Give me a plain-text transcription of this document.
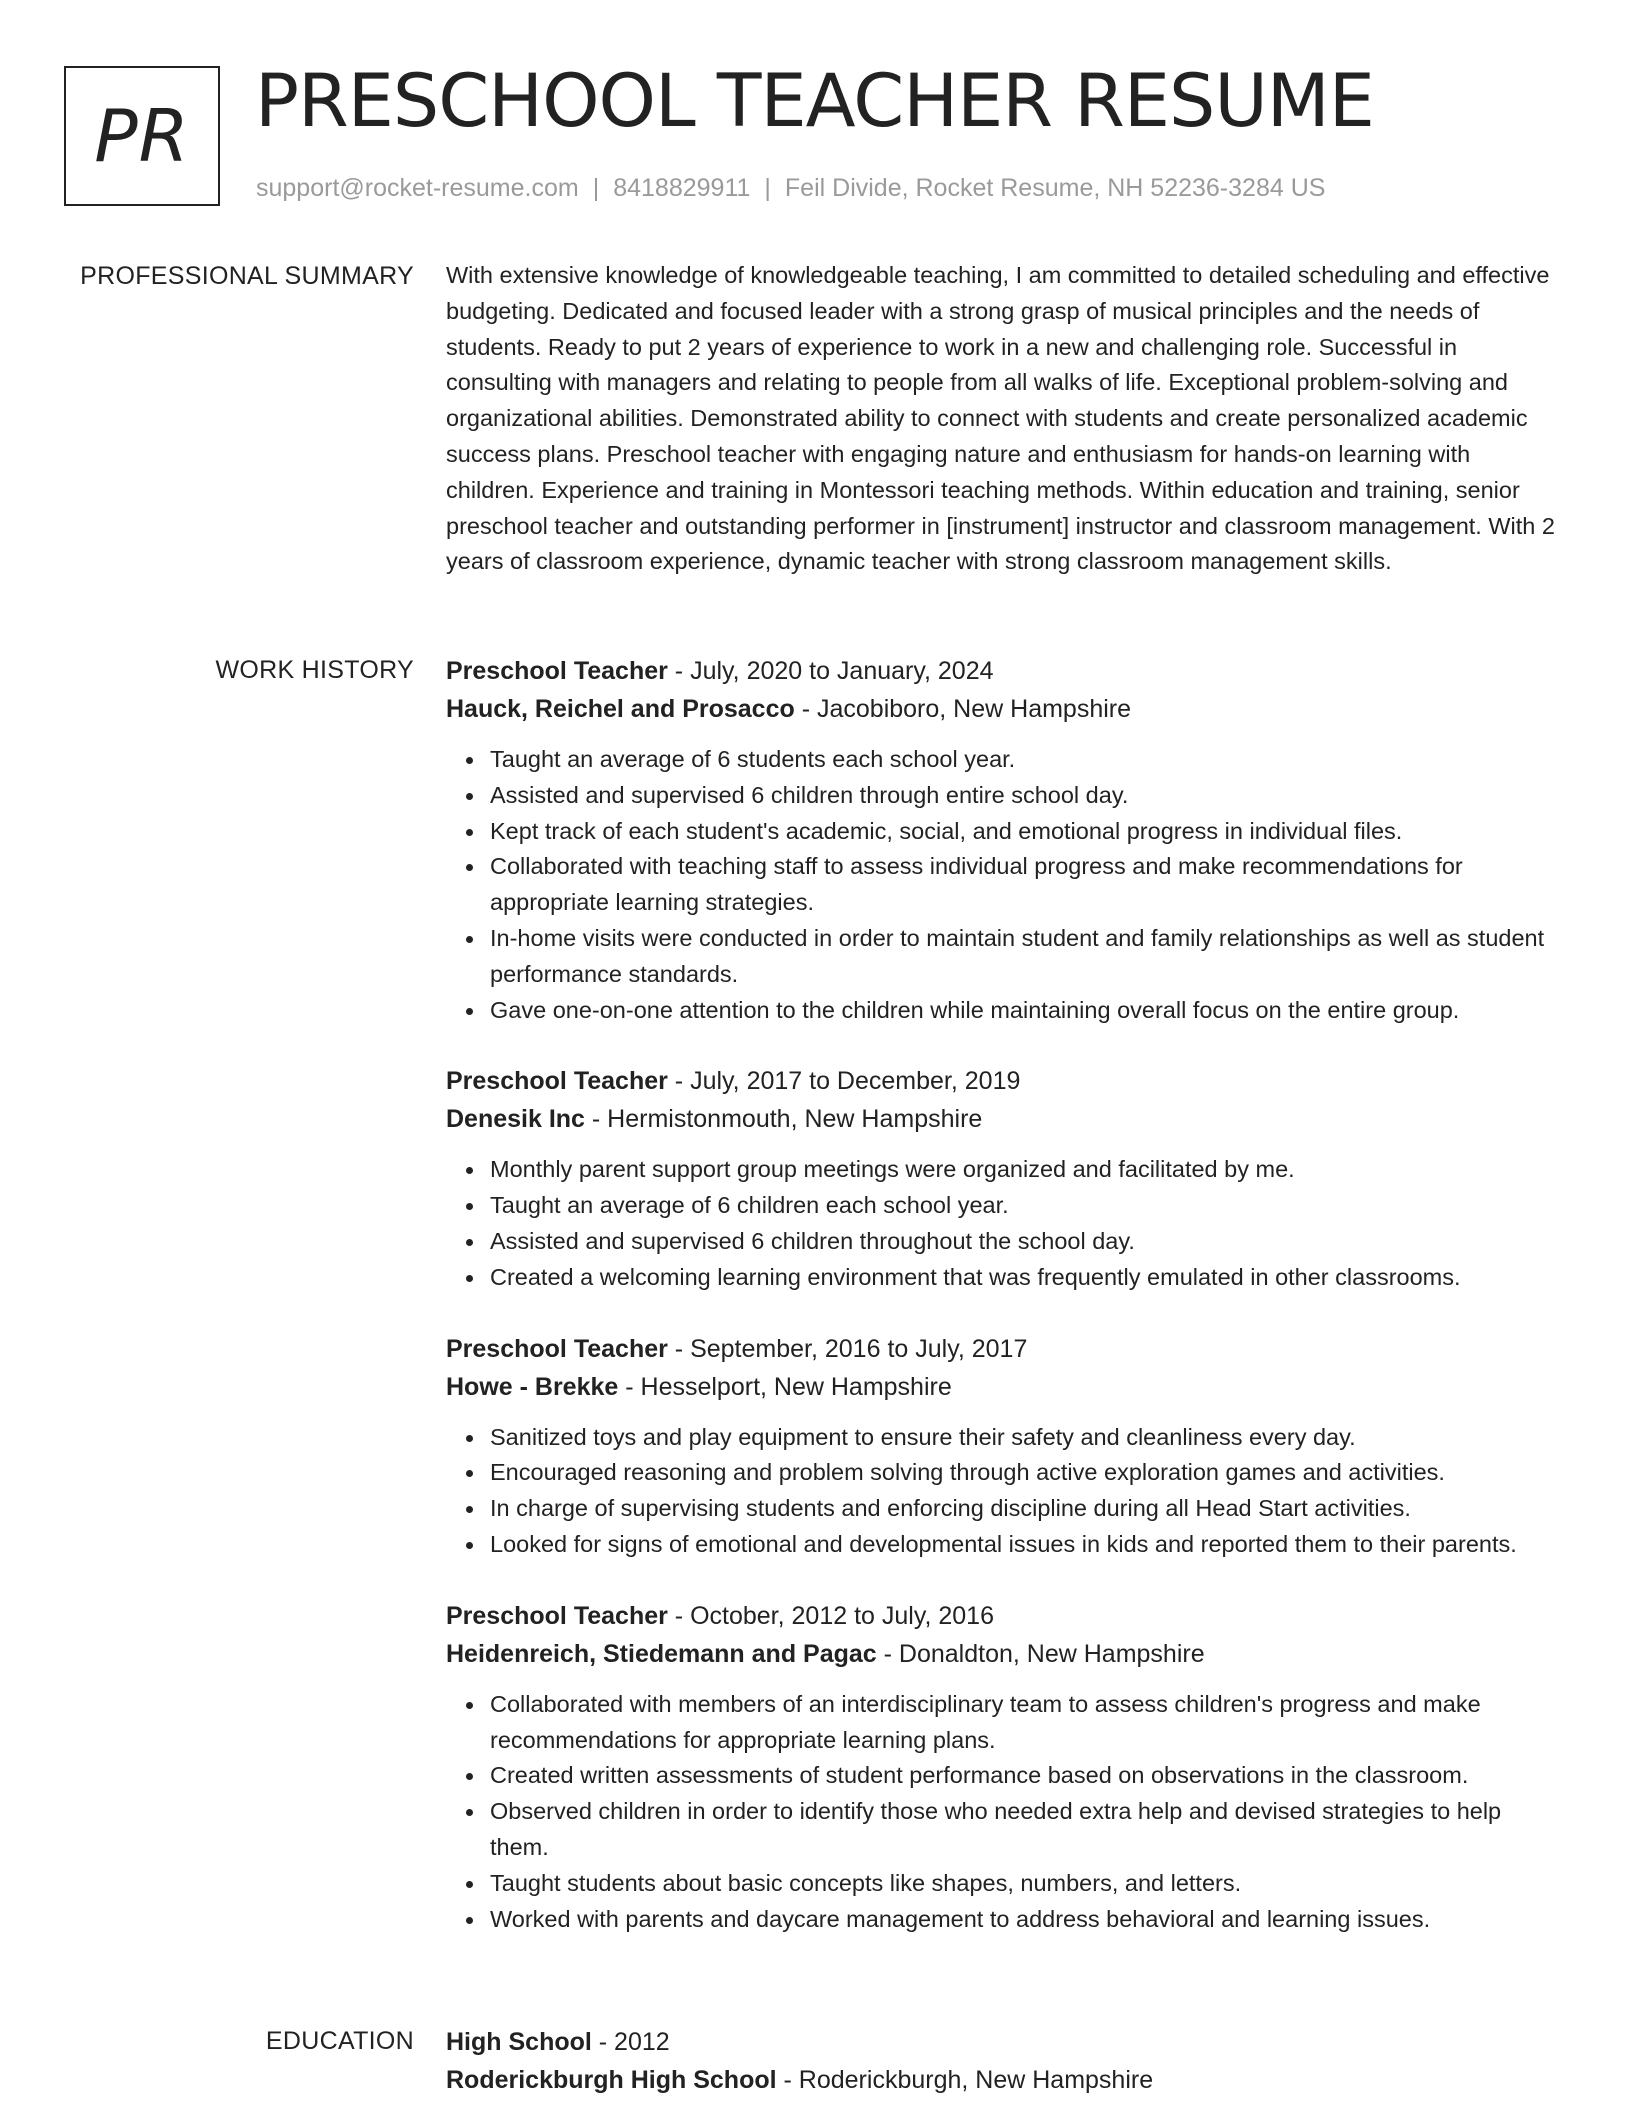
PR PRESCHOOL TEACHER RESUME
support@rocket-resume.com | 8418829911 | Feil Divide, Rocket Resume, NH 52236-3284 US
PROFESSIONAL SUMMARY With extensive knowledge of knowledgeable teaching, I am committed to detailed scheduling and effective budgeting. Dedicated and focused leader with a strong grasp of musical principles and the needs of students. Ready to put 2 years of experience to work in a new and challenging role. Successful in consulting with managers and relating to people from all walks of life. Exceptional problem-solving and organizational abilities. Demonstrated ability to connect with students and create personalized academic success plans. Preschool teacher with engaging nature and enthusiasm for hands-on learning with children. Experience and training in Montessori teaching methods. Within education and training, senior preschool teacher and outstanding performer in [instrument] instructor and classroom management. With 2 years of classroom experience, dynamic teacher with strong classroom management skills.

WORK HISTORY Preschool Teacher - July, 2020 to January, 2024
Hauck, Reichel and Prosacco - Jacobiboro, New Hampshire
Taught an average of 6 students each school year.
Assisted and supervised 6 children through entire school day.
Kept track of each student's academic, social, and emotional progress in individual files.
Collaborated with teaching staff to assess individual progress and make recommendations for appropriate learning strategies.
In-home visits were conducted in order to maintain student and family relationships as well as student performance standards.
Gave one-on-one attention to the children while maintaining overall focus on the entire group.
Preschool Teacher - July, 2017 to December, 2019
Denesik Inc - Hermistonmouth, New Hampshire
Monthly parent support group meetings were organized and facilitated by me.
Taught an average of 6 children each school year.
Assisted and supervised 6 children throughout the school day.
Created a welcoming learning environment that was frequently emulated in other classrooms.
Preschool Teacher - September, 2016 to July, 2017
Howe - Brekke - Hesselport, New Hampshire
Sanitized toys and play equipment to ensure their safety and cleanliness every day.
Encouraged reasoning and problem solving through active exploration games and activities.
In charge of supervising students and enforcing discipline during all Head Start activities.
Looked for signs of emotional and developmental issues in kids and reported them to their parents.
Preschool Teacher - October, 2012 to July, 2016
Heidenreich, Stiedemann and Pagac - Donaldton, New Hampshire
Collaborated with members of an interdisciplinary team to assess children's progress and make recommendations for appropriate learning plans.
Created written assessments of student performance based on observations in the classroom.
Observed children in order to identify those who needed extra help and devised strategies to help them.
Taught students about basic concepts like shapes, numbers, and letters.
Worked with parents and daycare management to address behavioral and learning issues.
EDUCATION High School - 2012
Roderickburgh High School - Roderickburgh, New Hampshire
